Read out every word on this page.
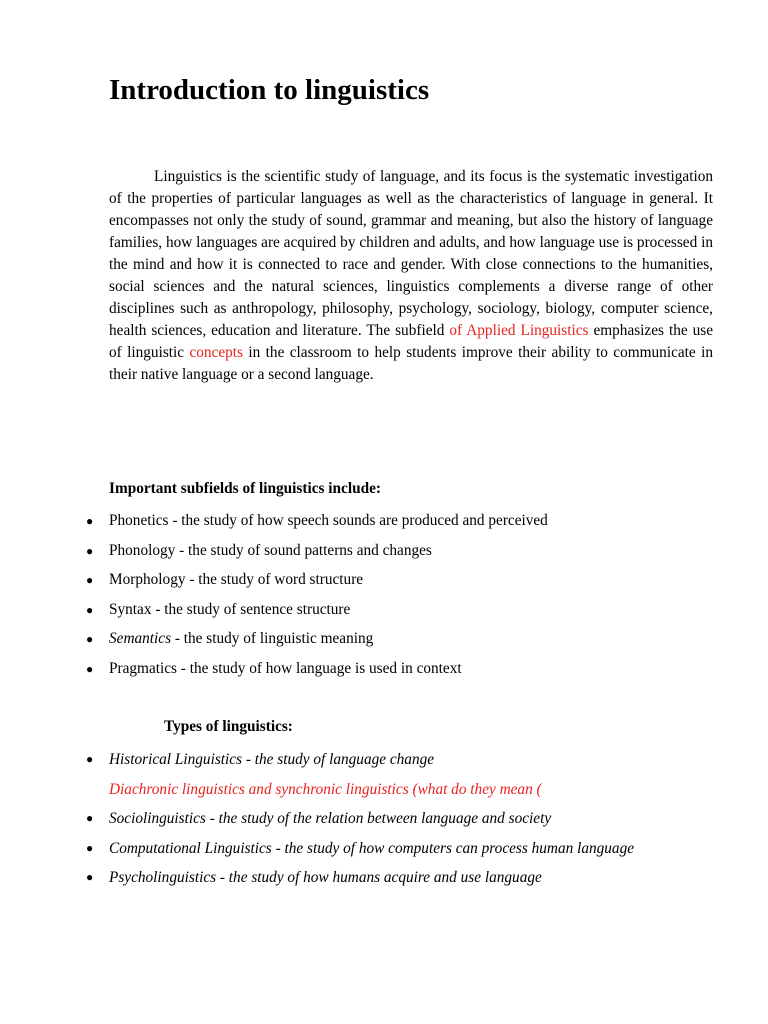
Introduction to linguistics

Linguistics is the scientific study of language, and its focus is the systematic investigation of the properties of particular languages as well as the characteristics of language in general. It encompasses not only the study of sound, grammar and meaning, but also the history of language families, how languages are acquired by children and adults, and how language use is processed in the mind and how it is connected to race and gender. With close connections to the humanities, social sciences and the natural sciences, linguistics complements a diverse range of other disciplines such as anthropology, philosophy, psychology, sociology, biology, computer science, health sciences, education and literature. The subfield of Applied Linguistics emphasizes the use of linguistic concepts in the classroom to help students improve their ability to communicate in their native language or a second language.

Important subfields of linguistics include:

● Phonetics - the study of how speech sounds are produced and perceived
● Phonology - the study of sound patterns and changes
● Morphology - the study of word structure
● Syntax - the study of sentence structure
● Semantics - the study of linguistic meaning
● Pragmatics - the study of how language is used in context

Types of linguistics:

● Historical Linguistics - the study of language change
Diachronic linguistics and synchronic linguistics (what do they mean (
● Sociolinguistics - the study of the relation between language and society
● Computational Linguistics - the study of how computers can process human language
● Psycholinguistics - the study of how humans acquire and use language
